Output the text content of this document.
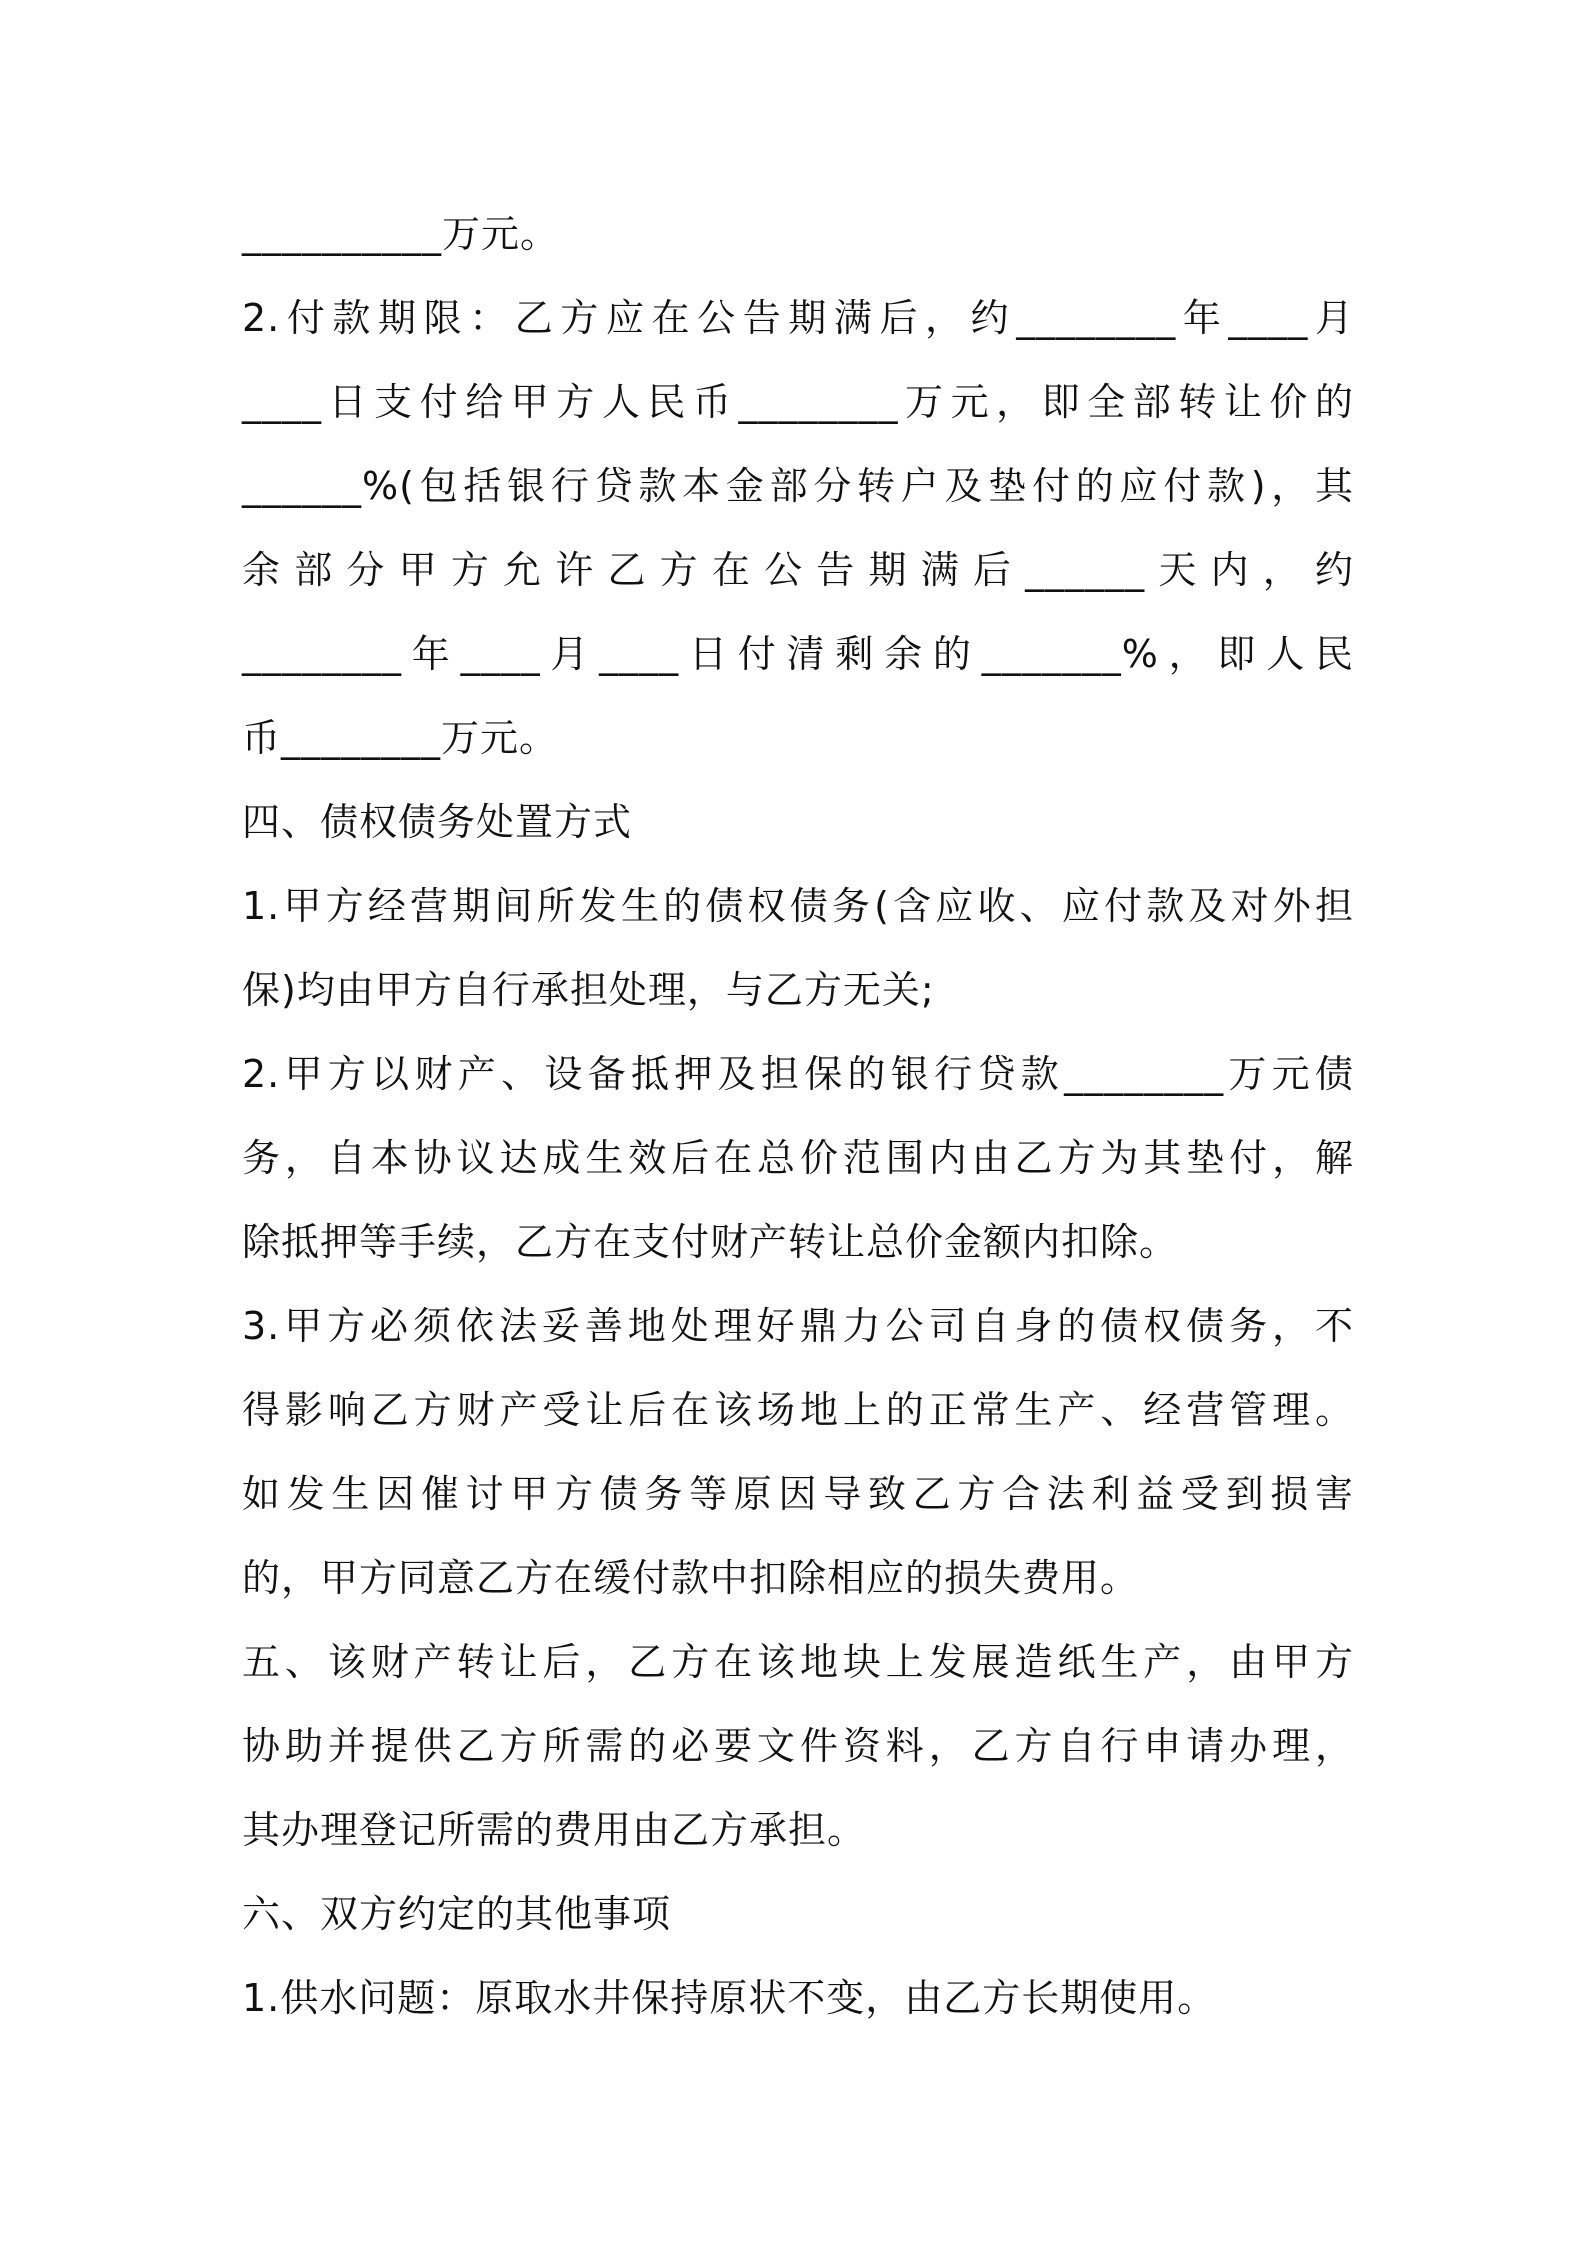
__________万元。
2.付款期限：乙方应在公告期满后，约________年____月
____日支付给甲方人民币________万元，即全部转让价的
______%(包括银行贷款本金部分转户及垫付的应付款)，其
余部分甲方允许乙方在公告期满后______天内，约
________年____月____日付清剩余的_______%，即人民
币________万元。
四、债权债务处置方式
1.甲方经营期间所发生的债权债务(含应收、应付款及对外担
保)均由甲方自行承担处理，与乙方无关;
2.甲方以财产、设备抵押及担保的银行贷款________万元债
务，自本协议达成生效后在总价范围内由乙方为其垫付，解
除抵押等手续，乙方在支付财产转让总价金额内扣除。
3.甲方必须依法妥善地处理好鼎力公司自身的债权债务，不
得影响乙方财产受让后在该场地上的正常生产、经营管理。
如发生因催讨甲方债务等原因导致乙方合法利益受到损害
的，甲方同意乙方在缓付款中扣除相应的损失费用。
五、该财产转让后，乙方在该地块上发展造纸生产，由甲方
协助并提供乙方所需的必要文件资料，乙方自行申请办理，
其办理登记所需的费用由乙方承担。
六、双方约定的其他事项
1.供水问题：原取水井保持原状不变，由乙方长期使用。
